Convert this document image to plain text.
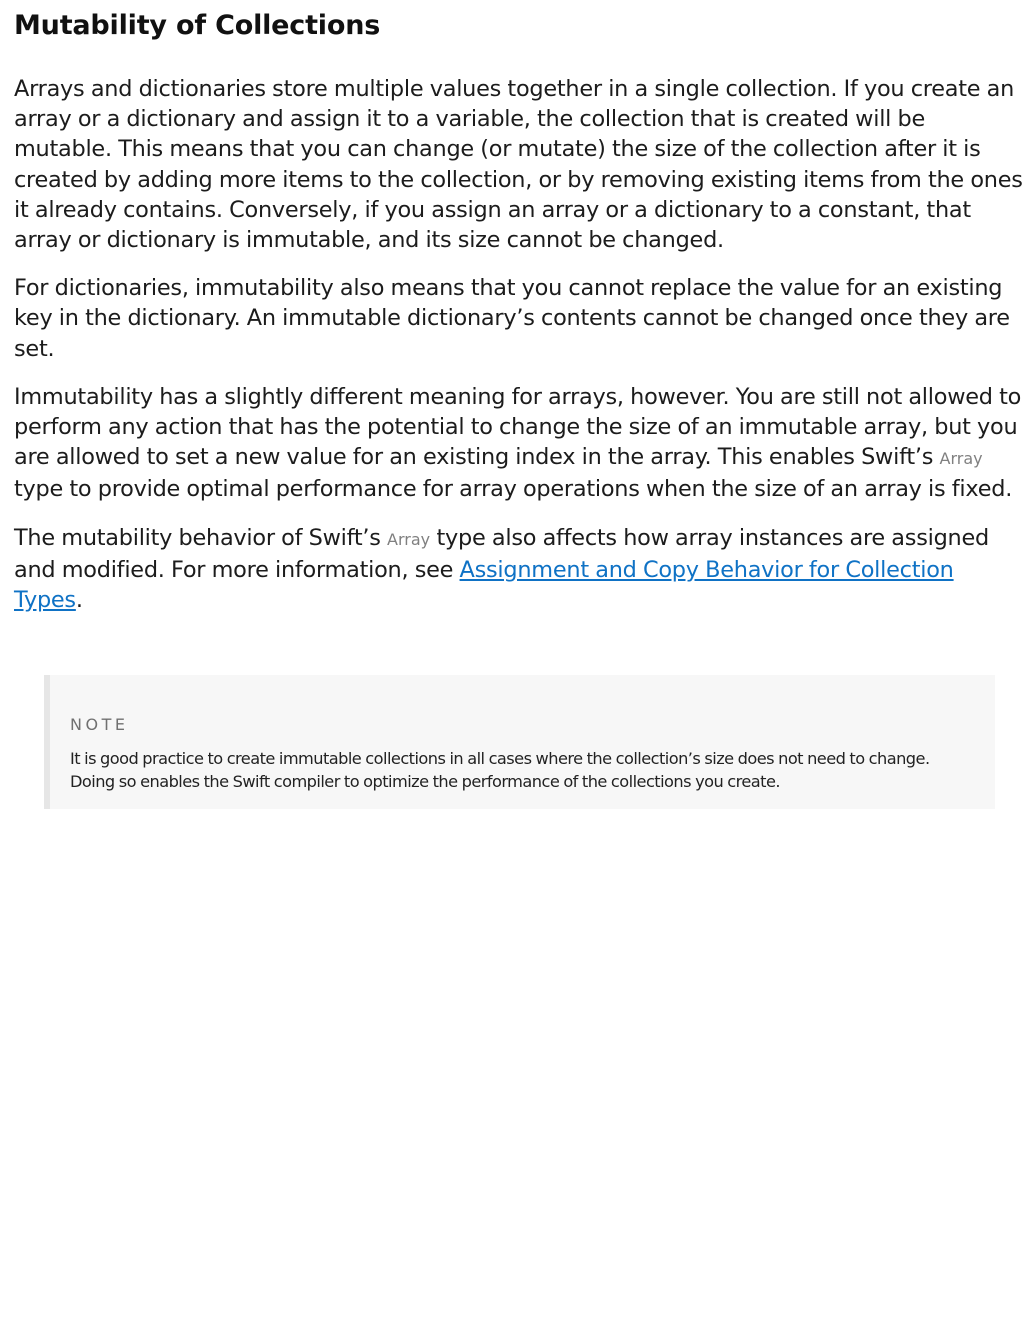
Mutability of Collections

Arrays and dictionaries store multiple values together in a single collection. If you create an array or a dictionary and assign it to a variable, the collection that is created will be mutable. This means that you can change (or mutate) the size of the collection after it is created by adding more items to the collection, or by removing existing items from the ones it already contains. Conversely, if you assign an array or a dictionary to a constant, that array or dictionary is immutable, and its size cannot be changed.

For dictionaries, immutability also means that you cannot replace the value for an existing key in the dictionary. An immutable dictionary’s contents cannot be changed once they are set.

Immutability has a slightly different meaning for arrays, however. You are still not allowed to perform any action that has the potential to change the size of an immutable array, but you are allowed to set a new value for an existing index in the array. This enables Swift’s Array type to provide optimal performance for array operations when the size of an array is fixed.

The mutability behavior of Swift’s Array type also affects how array instances are assigned and modified. For more information, see Assignment and Copy Behavior for Collection Types.

NOTE
It is good practice to create immutable collections in all cases where the collection’s size does not need to change. Doing so enables the Swift compiler to optimize the performance of the collections you create.
